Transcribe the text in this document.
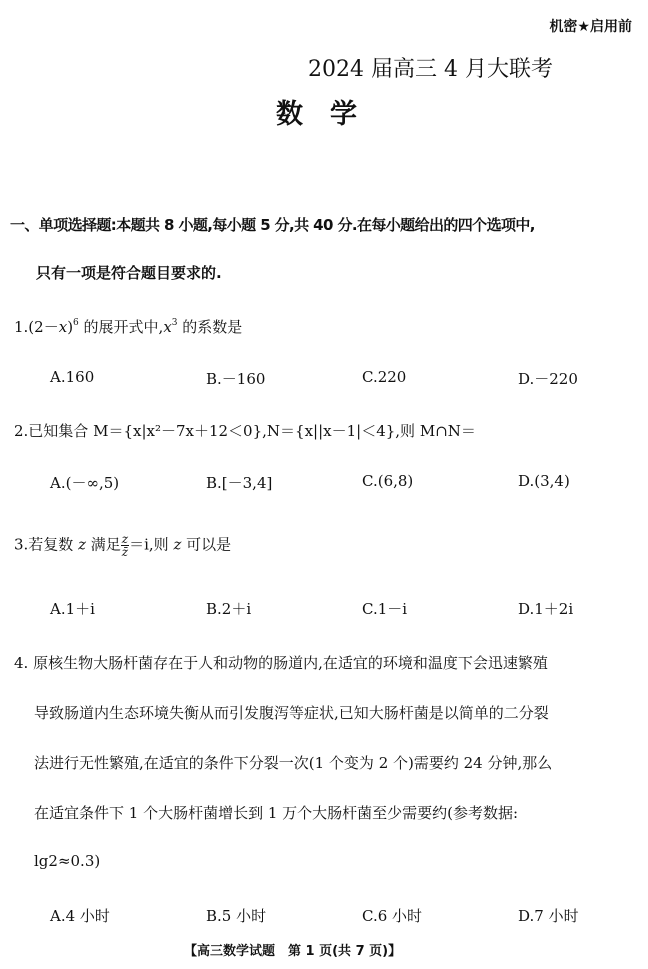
机密★启用前
2024 届高三 4 月大联考
数　学
一、单项选择题:本题共 8 小题,每小题 5 分,共 40 分.在每小题给出的四个选项中,
只有一项是符合题目要求的.
$1.(2-x)^6$ 的展开式中$,x^3$ 的系数是
A.160	B.－160	C.220	D.－220
2.已知集合 M＝{x|x²－7x＋12＜0},N＝{x||x－1|＜4},则 M∩N＝
A.(－∞,5)	B.[－3,4]	C.(6,8)	D.(3,4)
3.若复数 z 满足 $\frac{z}{z̄} =i$,则 z 可以是
A.1＋i	B.2＋i	C.1－i	D.1＋2i
4. 原核生物大肠杆菌存在于人和动物的肠道内,在适宜的环境和温度下会迅速繁殖
导致肠道内生态环境失衡从而引发腹泻等症状,已知大肠杆菌是以简单的二分裂
法进行无性繁殖,在适宜的条件下分裂一次(1 个变为 2 个)需要约 24 分钟,那么
在适宜条件下 1 个大肠杆菌增长到 1 万个大肠杆菌至少需要约(参考数据:
lg2≈0.3)
A.4 小时	B.5 小时	C.6 小时	D.7 小时
【高三数学试题　第 1 页(共 7 页)】
